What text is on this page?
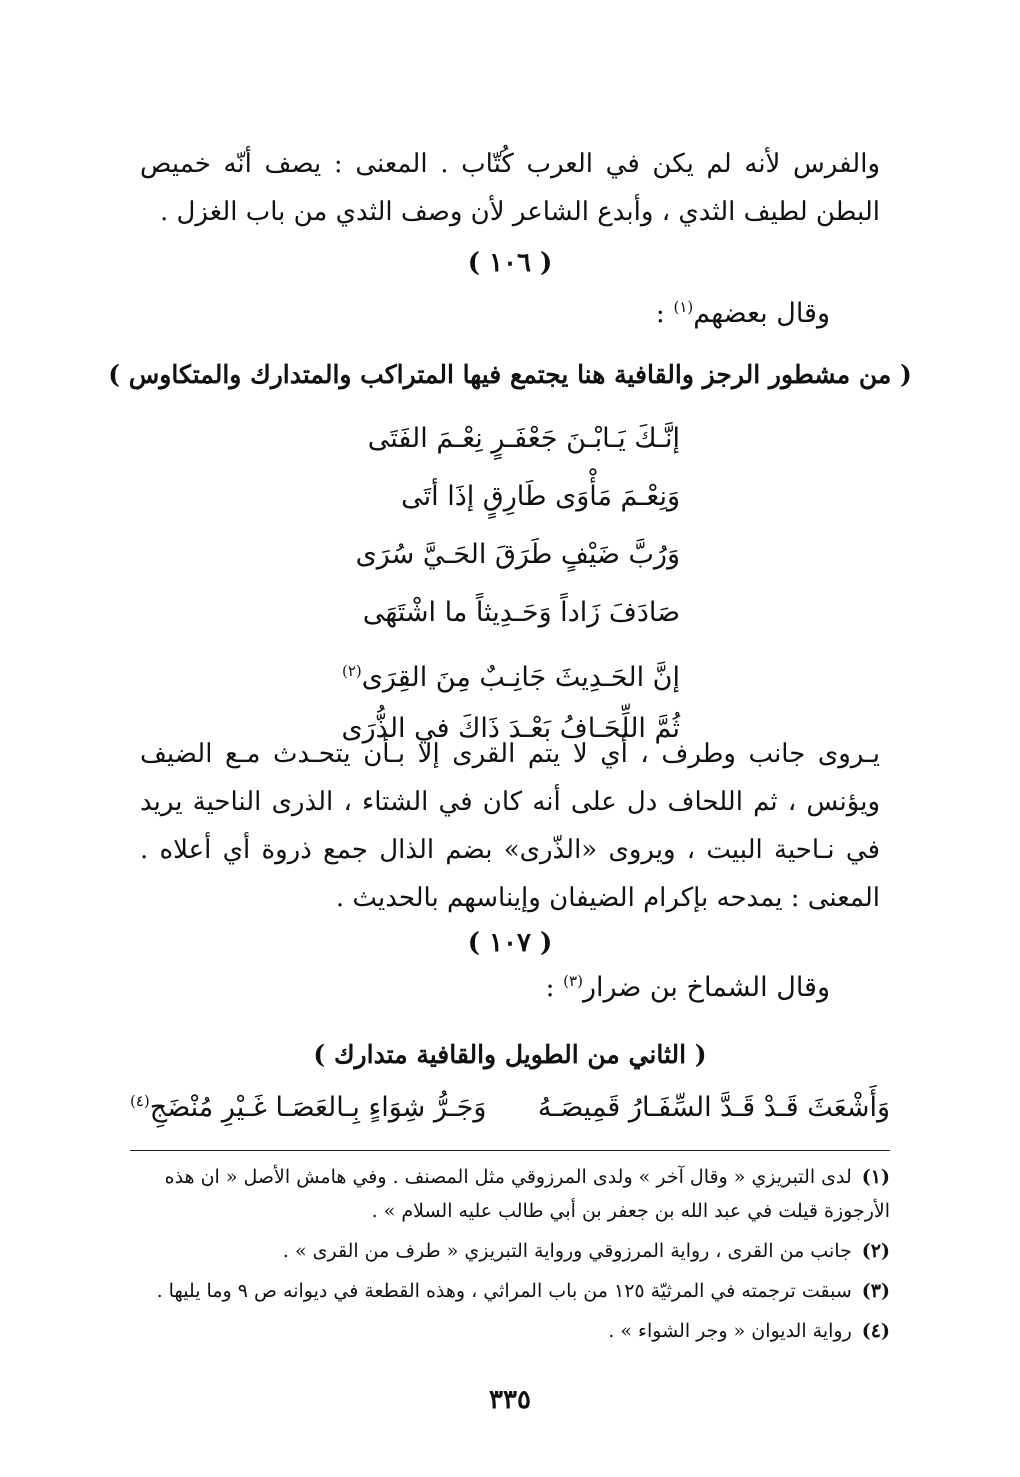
والفرس لأنه لم يكن في العرب كُتّاب . المعنى : يصف أنّه خميص البطن لطيف الثدي ، وأبدع الشاعر لأن وصف الثدي من باب الغزل .

( ١٠٦ )
وقال بعضهم$^{(١)}$ :
( من مشطور الرجز والقافية هنا يجتمع فيها المتراكب والمتدارك والمتكاوس )
إنَّـكَ يَـابْـنَ جَعْفَـرٍ نِعْـمَ الفَتَى
وَنِعْـمَ مَأْوَى طَارِقٍ إذَا أتَى
وَرُبَّ ضَيْفٍ طَرَقَ الحَـيَّ سُرَى
صَادَفَ زَاداً وَحَـدِيثاً ما اشْتَهَى
إنَّ الحَـدِيثَ جَانِـبٌ مِنَ القِرَى$^{(٢)}$
ثُمَّ اللِّحَـافُ بَعْـدَ ذَاكَ في الذُّرَى

يـروى جانب وطرف ، أي لا يتم القرى إلا بـأن يتحـدث مـع الضيف ويؤنس ، ثم اللحاف دل على أنه كان في الشتاء ، الذرى الناحية يريد في نـاحية البيت ، ويروى «الذّرى» بضم الذال جمع ذروة أي أعلاه . المعنى : يمدحه بإكرام الضيفان وإيناسهم بالحديث .

( ١٠٧ )
وقال الشماخ بن ضرار$^{(٣)}$ :
( الثاني من الطويل والقافية متدارك )
وَأَشْعَثَ قَـدْ قَـدَّ السِّفَـارُ قَمِيصَـهُ
وَجَـرُّ شِوَاءٍ بِـالعَصَـا غَـيْرِ مُنْضَجِ$^{(٤)}$
(١)لدى التبريزي « وقال آخر » ولدى المرزوقي مثل المصنف . وفي هامش الأصل « ان هذه الأرجوزة قيلت في عبد الله بن جعفر بن أبي طالب عليه السلام » .
(٢)جانب من القرى ، رواية المرزوقي ورواية التبريزي « طرف من القرى » .
(٣)سبقت ترجمته في المرثيّة ١٢٥ من باب المراثي ، وهذه القطعة في ديوانه ص ٩ وما يليها .
(٤)رواية الديوان « وجر الشواء » .
٣٣٥
